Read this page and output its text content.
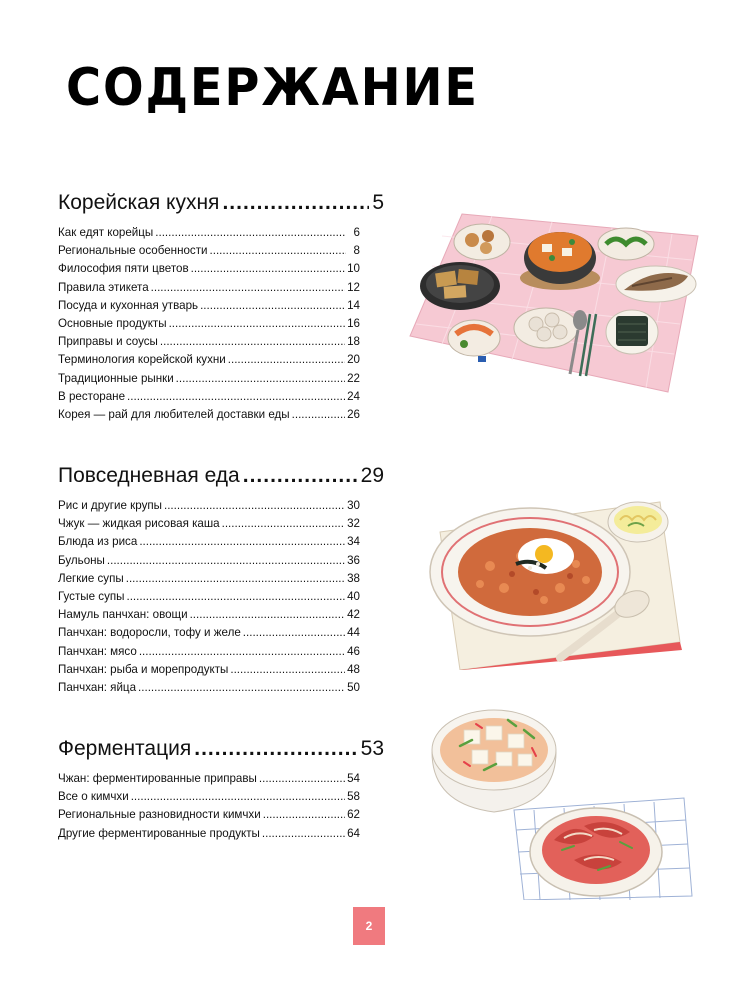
СОДЕРЖАНИЕ
Корейская кухня .....	5
Как едят корейцы .....	6
Региональные особенности .....	8
Философия пяти цветов .....	10
Правила этикета .....	12
Посуда и кухонная утварь .....	14
Основные продукты .....	16
Приправы и соусы .....	18
Терминология корейской кухни .....	20
Традиционные рынки .....	22
В ресторане .....	24
Корея — рай для любителей доставки еды .....	26
Повседневная еда .....	29
Рис и другие крупы .....	30
Чжук — жидкая рисовая каша .....	32
Блюда из риса .....	34
Бульоны .....	36
Легкие супы .....	38
Густые супы .....	40
Намуль панчхан: овощи .....	42
Панчхан: водоросли, тофу и желе .....	44
Панчхан: мясо .....	46
Панчхан: рыба и морепродукты .....	48
Панчхан: яйца .....	50
Ферментация .....	53
Чжан: ферментированные приправы .....	54
Все о кимчхи .....	58
Региональные разновидности кимчхи .....	62
Другие ферментированные продукты .....	64
2
